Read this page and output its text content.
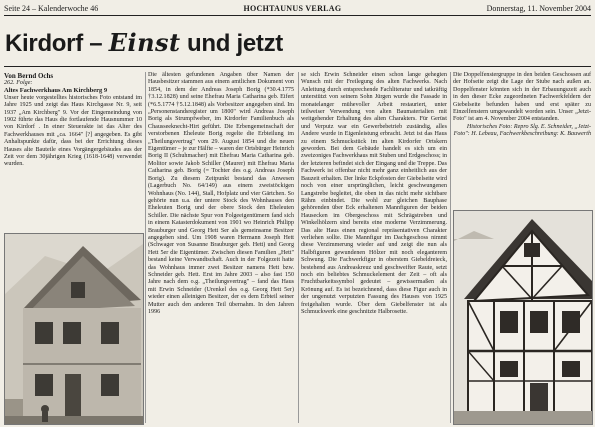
Seite 24 – Kalenderwoche 46	HOCHTAUNUS VERLAG	Donnerstag, 11. November 2004
Kirdorf – Einst und jetzt

Von Bernd Ochs

262. Folge:

Altes Fachwerkhaus Am Kirchberg 9

Unser heute vorgestelltes historisches Foto entstand im Jahre 1925 und zeigt das Haus Kirchgasse Nr. 9, seit 1937 „Am Kirchberg" 9. Vor der Eingemeindung von 1902 führte das Haus die fortlaufende Hausnummer 10 von Kirdorf . In einer Steuerakte ist das Alter des Fachwerkhauses mit „ca. 1664" [?] angegeben. Es gibt Anhaltspunkte dafür, dass bei der Errichtung dieses Hauses alte Bauteile eines Vorgängergebäudes aus der Zeit vor dem 30jährigen Krieg (1618-1648) verwendet wurden.

Die ältesten gefundenen Angaben über Namen der Hausbesitzer stammen aus einem amtlichen Dokument von 1854, in dem der Andreas Joseph Borig (*30.4.1775 †3.12.1828) und seine Ehefrau Maria Catharina geb. Eifert (*6.5.1774 †5.12.1848) als Vorbesitzer angegeben sind. Im „Personenstandsregister um 1800" wird Andreas Joseph Borig als Strumpfweber, im Kirdorfer Familienbuch als Chausseeknecht-Hirt geführt. Die Erbengemeinschaft der verstorbenen Eheleute Borig regelte die Erbteilung im „Theilungsvertrag" vom 29. August 1854 und die neuen Eigentümer – je zur Hälfte – waren der Ortsbürger Heinrich Borig II (Schuhmacher) mit Ehefrau Maria Catharina geb. Molitor sowie Jakob Schiller (Maurer) mit Ehefrau Maria Catharina geb. Borig (= Tochter des o.g. Andreas Joseph Borig). Zu diesem Zeitpunkt bestand das Anwesen (Lagerbuch No. 64/149) aus einem zweistöckigen Wohnhaus (No. 144), Stall, Hofplatz und vier Gärtchen. So gehörte nun u.a. der untere Stock des Wohnhauses den Eheleuten Borig und der obere Stock den Eheleuten Schiller. Die nächste Spur von Folgeeigentümern fand sich in einem Katasterdokument von 1901 wo Heinrich Philipp Brauburger und Georg Hett Ser als gemeinsame Besitzer angegeben sind. Um 1908 waren Hermann Joseph Hett (Schwager von Susanne Brauburger geb. Hett) und Georg Hett 5er die Eigentümer. Zwischen diesen Familien „Hett" bestand keine Verwandtschaft. Auch in der Folgezeit hatte das Wohnhaus immer zwei Besitzer namens Hett bzw. Schneider geb. Hett. Erst im Jahre 2003 – also fast 150 Jahre nach dem o.g. „Theilungsvertrag" – fand das Haus mit Erwin Schneider (Urenkel des o.g. Georg Hett 5er) wieder einen alleinigen Besitzer, der es dem Erbteil seiner Mutter auch den anderen Teil übernahm. In den Jahren 1996

se sich Erwin Schneider einen schon lange gehegten Wunsch mit der Freilegung des alten Fachwerks. Nach Anleitung durch entsprechende Fachliteratur und tatkräftig unterstützt von seinem Sohn Jürgen wurde die Fassade in monatelanger mühevoller Arbeit restauriert, unter teilweiser Verwendung von alten Baumaterialien mit weitgehender Erhaltung des alten Charakters. Für Gerüst und Verputz war ein Gewerbebetrieb zuständig, alles Andere wurde in Eigenleistung erbracht. Jetzt ist das Haus zu einem Schmuckstück im alten Kirdorfer Ortskern geworden. Bei dem Gebäude handelt es sich um ein zweizoniges Fachwerkhaus mit Stuben und Erdgeschoss; in der letzteren befindet sich der Eingang und die Treppe. Das Fachwerk ist offenbar nicht mehr ganz einheitlich aus der Bauzeit erhalten. Der linke Eckpfosten der Giebelseite wird noch von einer ursprünglichen, leicht geschwungenen Langstrebe begleitet, die oben in das nicht mehr sichtbare Rähm einbindet. Die wohl zur gleichen Bauphase gehörenden über Eck erhaltenen Mannfiguren der beiden Hausecken im Obergeschoss mit Schrägstreben und Winkelhölzern sind bereits eine moderne Verzimmerung. Das alte Haus einen regional repräsentativen Charakter verliehen sollte. Die Mannfigur im Dachgeschoss nimmt diese Verzimmerung wieder auf und zeigt die nun als Halbfiguren gewundenen Hölzer mit noch eleganterem Schwung. Die Fachwerkfigur in oberstem Giebeldreieck, bestehend aus Andreaskreuz und geschweifter Raute, setzt noch ein beliebtes Schmuckelement der Zeit – oft als Fruchtbarkeitssymbol gedeutet – gewissermaßen als Krönung auf. Es ist bezeichnend, dass diese Figur auch in der ungenutzt verputzten Fassung des Hauses von 1925 freigehalten wurde. Über dem Giebelfenster ist als Schmuckwerk eine geschnitzte Halbrosette.

Die Doppelfenstergruppe in den beiden Geschossen auf der Hofseite zeigt die Lage der Stube nach außen an. Doppelfenster könnten sich in der Erbauungszeit auch in den dieser Ecke zugeordneten Fachwerkfeldern der Giebelseite befunden haben und erst später zu Einzelfenstern umgewandelt worden sein. Unser „Jetzt-Foto" ist am 4. November 2004 entstanden.

Historisches Foto: Repro Slg. E. Schneider, „Jetzt-Foto": H. Lebeau, Fachwerkbeschreibung: K. Bauwerth
